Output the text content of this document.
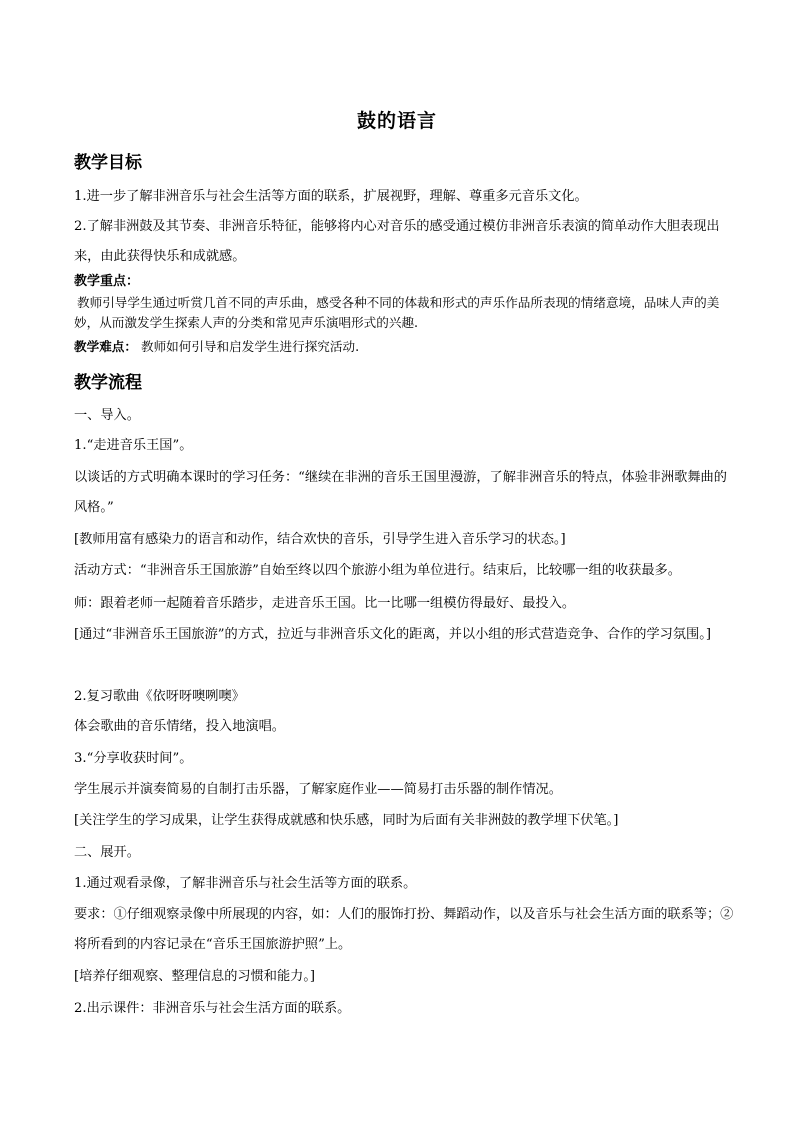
鼓的语言
教学目标
1.进一步了解非洲音乐与社会生活等方面的联系，扩展视野，理解、尊重多元音乐文化。
2.了解非洲鼓及其节奏、非洲音乐特征，能够将内心对音乐的感受通过模仿非洲音乐表演的简单动作大胆表现出来，由此获得快乐和成就感。
教学重点：
教师引导学生通过听赏几首不同的声乐曲，感受各种不同的体裁和形式的声乐作品所表现的情绪意境，品味人声的美妙，从而激发学生探索人声的分类和常见声乐演唱形式的兴趣.
教学难点： 教师如何引导和启发学生进行探究活动.
教学流程
一、导入。
1.“走进音乐王国”。
以谈话的方式明确本课时的学习任务：“继续在非洲的音乐王国里漫游，了解非洲音乐的特点，体验非洲歌舞曲的风格。”
[教师用富有感染力的语言和动作，结合欢快的音乐，引导学生进入音乐学习的状态。]
活动方式：“非洲音乐王国旅游”自始至终以四个旅游小组为单位进行。结束后，比较哪一组的收获最多。
师：跟着老师一起随着音乐踏步，走进音乐王国。比一比哪一组模仿得最好、最投入。
[通过“非洲音乐王国旅游”的方式，拉近与非洲音乐文化的距离，并以小组的形式营造竞争、合作的学习氛围。]
2.复习歌曲《依呀呀噢咧噢》
体会歌曲的音乐情绪，投入地演唱。
3.“分享收获时间”。
学生展示并演奏简易的自制打击乐器，了解家庭作业——简易打击乐器的制作情况。
[关注学生的学习成果，让学生获得成就感和快乐感，同时为后面有关非洲鼓的教学埋下伏笔。]
二、展开。
1.通过观看录像，了解非洲音乐与社会生活等方面的联系。
要求：①仔细观察录像中所展现的内容，如：人们的服饰打扮、舞蹈动作，以及音乐与社会生活方面的联系等；②将所看到的内容记录在“音乐王国旅游护照”上。
[培养仔细观察、整理信息的习惯和能力。]
2.出示课件：非洲音乐与社会生活方面的联系。
